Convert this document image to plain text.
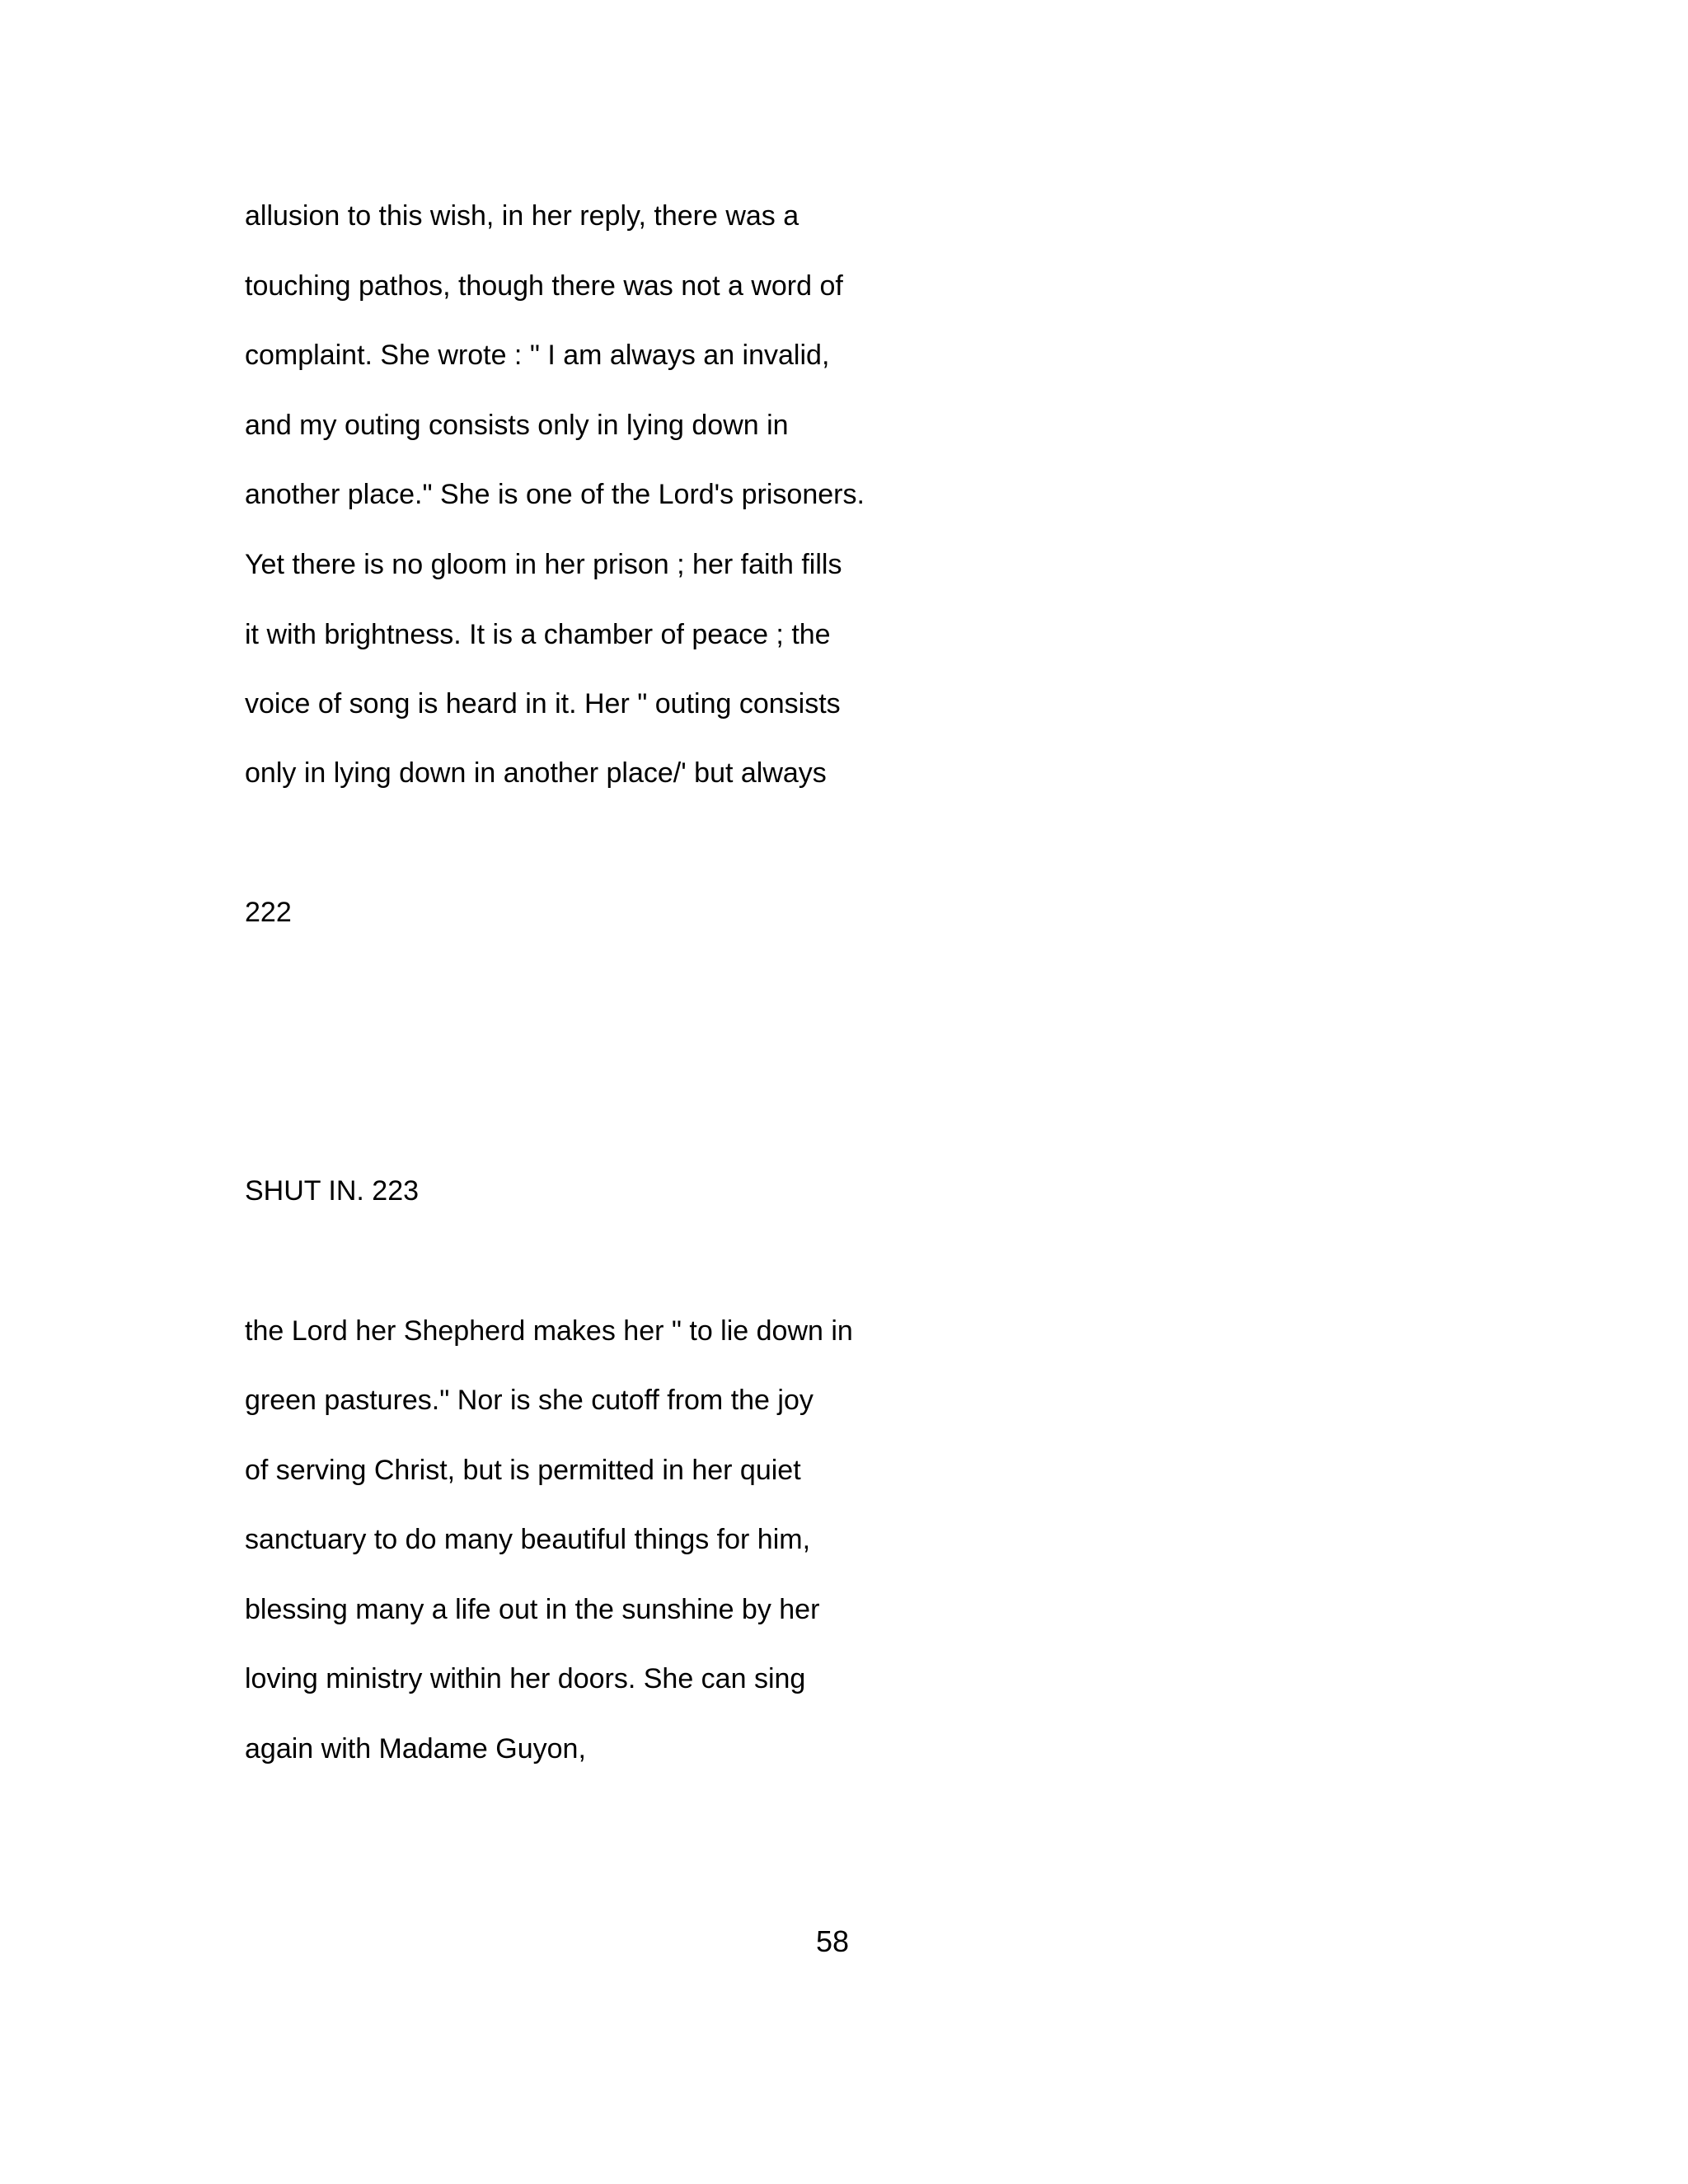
allusion to this wish, in her reply, there was a

touching pathos, though there was not a word of

complaint. She wrote : " I am always an invalid,

and my outing consists only in lying down in

another place." She is one of the Lord's prisoners.

Yet there is no gloom in her prison ; her faith fills

it with brightness. It is a chamber of peace ; the

voice of song is heard in it. Her " outing consists

only in lying down in another place/' but always

222

SHUT IN. 223

the Lord her Shepherd makes her " to lie down in

green pastures." Nor is she cutoff from the joy

of serving Christ, but is permitted in her quiet

sanctuary to do many beautiful things for him,

blessing many a life out in the sunshine by her

loving ministry within her doors. She can sing

again with Madame Guyon,

58
